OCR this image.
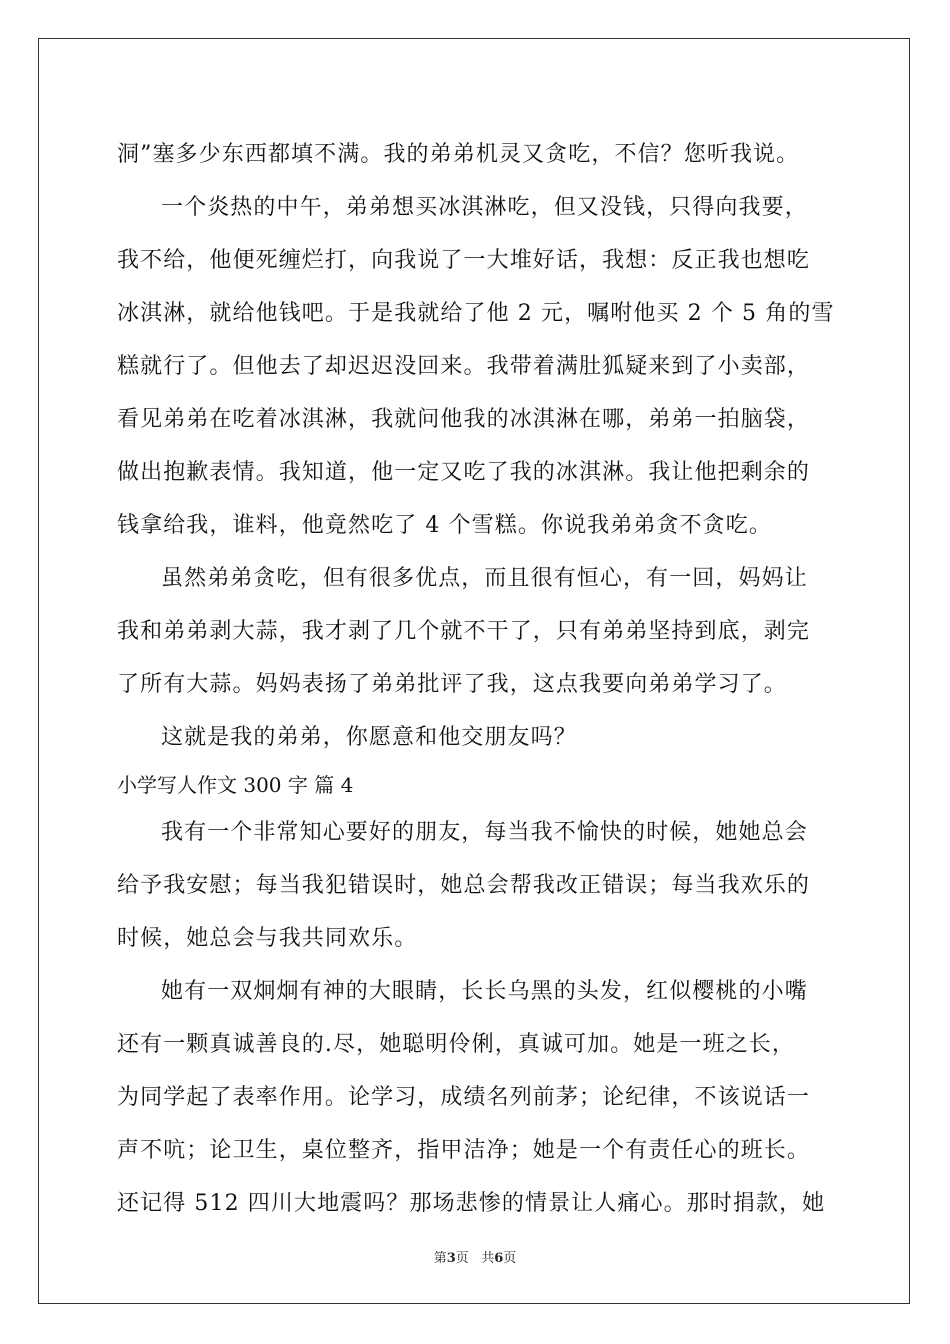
洞”塞多少东西都填不满。我的弟弟机灵又贪吃，不信？您听我说。
一个炎热的中午，弟弟想买冰淇淋吃，但又没钱，只得向我要，
我不给，他便死缠烂打，向我说了一大堆好话，我想：反正我也想吃
冰淇淋，就给他钱吧。于是我就给了他 2 元，嘱咐他买 2 个 5 角的雪
糕就行了。但他去了却迟迟没回来。我带着满肚狐疑来到了小卖部，
看见弟弟在吃着冰淇淋，我就问他我的冰淇淋在哪，弟弟一拍脑袋，
做出抱歉表情。我知道，他一定又吃了我的冰淇淋。我让他把剩余的
钱拿给我，谁料，他竟然吃了 4 个雪糕。你说我弟弟贪不贪吃。
虽然弟弟贪吃，但有很多优点，而且很有恒心，有一回，妈妈让
我和弟弟剥大蒜，我才剥了几个就不干了，只有弟弟坚持到底，剥完
了所有大蒜。妈妈表扬了弟弟批评了我，这点我要向弟弟学习了。
这就是我的弟弟，你愿意和他交朋友吗？
小学写人作文 300 字 篇 4
我有一个非常知心要好的朋友，每当我不愉快的时候，她她总会
给予我安慰；每当我犯错误时，她总会帮我改正错误；每当我欢乐的
时候，她总会与我共同欢乐。
她有一双炯炯有神的大眼睛，长长乌黑的头发，红似樱桃的小嘴
还有一颗真诚善良的.尽，她聪明伶俐，真诚可加。她是一班之长，
为同学起了表率作用。论学习，成绩名列前茅；论纪律，不该说话一
声不吭；论卫生，桌位整齐，指甲洁净；她是一个有责任心的班长。
还记得 512 四川大地震吗？那场悲惨的情景让人痛心。那时捐款，她
第3页 共6页
